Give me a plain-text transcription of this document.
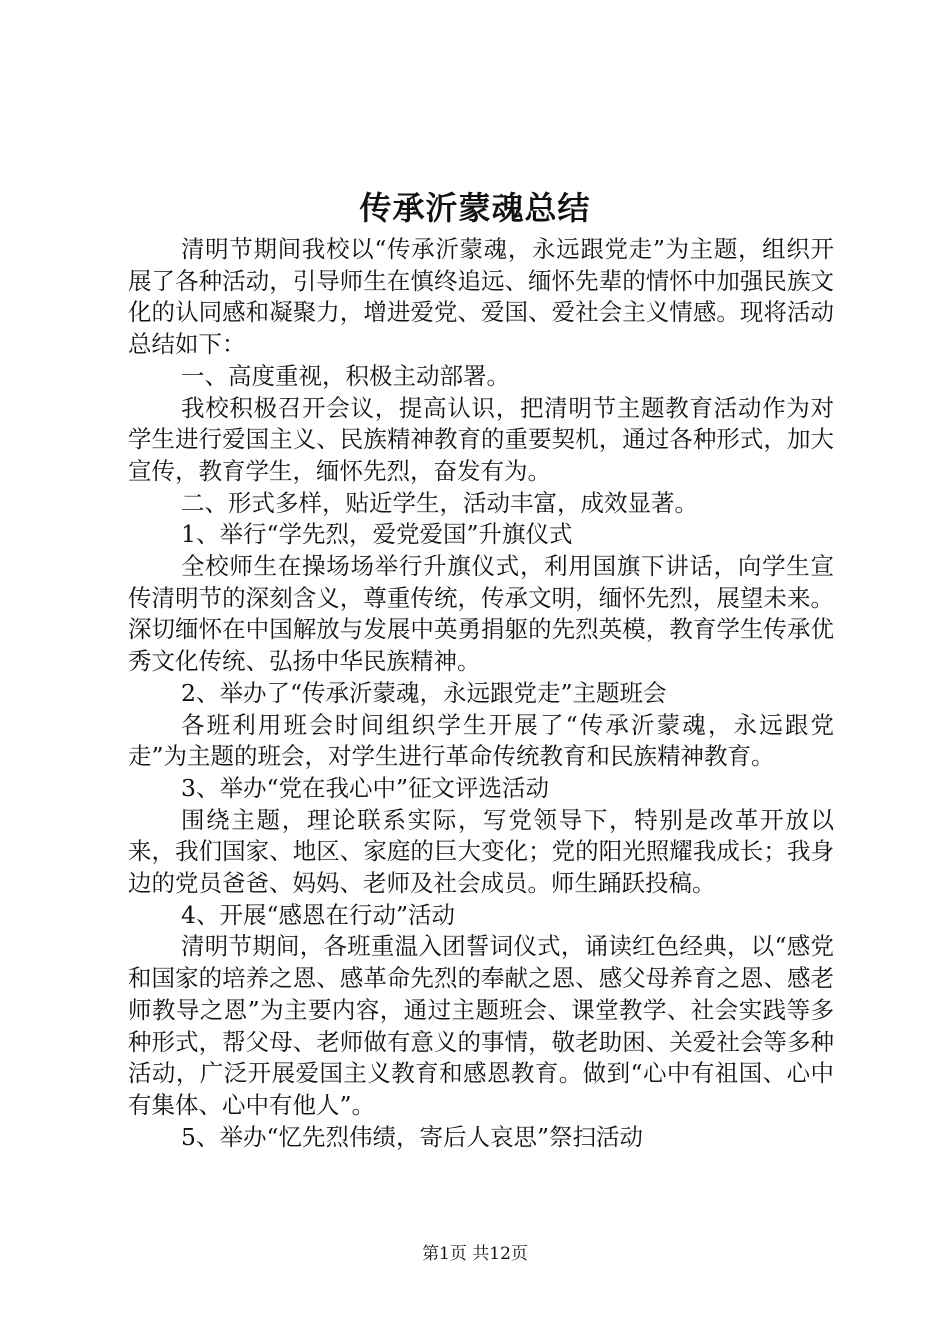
传承沂蒙魂总结

清明节期间我校以“传承沂蒙魂，永远跟党走”为主题，组织开展了各种活动，引导师生在慎终追远、缅怀先辈的情怀中加强民族文化的认同感和凝聚力，增进爱党、爱国、爱社会主义情感。现将活动总结如下：

一、高度重视，积极主动部署。

我校积极召开会议，提高认识，把清明节主题教育活动作为对学生进行爱国主义、民族精神教育的重要契机，通过各种形式，加大宣传，教育学生，缅怀先烈，奋发有为。

二、形式多样，贴近学生，活动丰富，成效显著。

1、举行“学先烈，爱党爱国”升旗仪式

全校师生在操场场举行升旗仪式，利用国旗下讲话，向学生宣传清明节的深刻含义，尊重传统，传承文明，缅怀先烈，展望未来。深切缅怀在中国解放与发展中英勇捐躯的先烈英模，教育学生传承优秀文化传统、弘扬中华民族精神。

2、举办了“传承沂蒙魂，永远跟党走”主题班会

各班利用班会时间组织学生开展了“传承沂蒙魂，永远跟党走”为主题的班会，对学生进行革命传统教育和民族精神教育。

3、举办“党在我心中”征文评选活动

围绕主题，理论联系实际，写党领导下，特别是改革开放以来，我们国家、地区、家庭的巨大变化；党的阳光照耀我成长；我身边的党员爸爸、妈妈、老师及社会成员。师生踊跃投稿。

4、开展“感恩在行动”活动

清明节期间，各班重温入团誓词仪式，诵读红色经典，以“感党和国家的培养之恩、感革命先烈的奉献之恩、感父母养育之恩、感老师教导之恩”为主要内容，通过主题班会、课堂教学、社会实践等多种形式，帮父母、老师做有意义的事情，敬老助困、关爱社会等多种活动，广泛开展爱国主义教育和感恩教育。做到“心中有祖国、心中有集体、心中有他人”。

5、举办“忆先烈伟绩，寄后人哀思”祭扫活动

第1页 共12页
